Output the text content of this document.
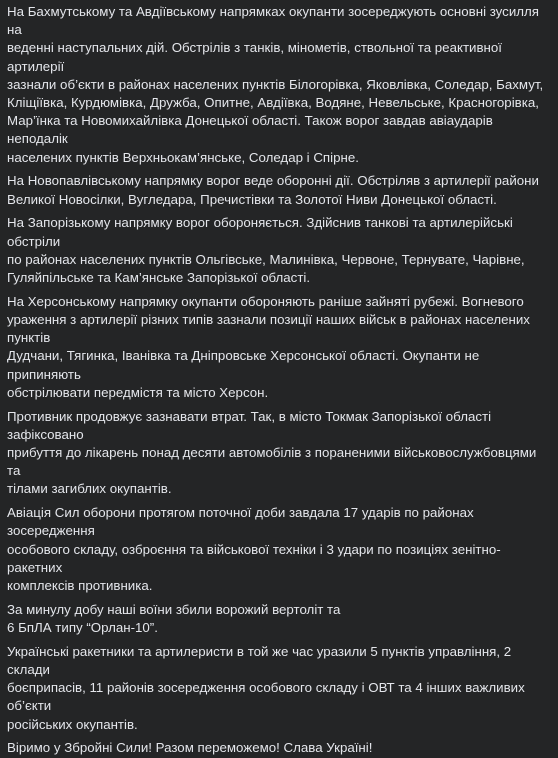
На Бахмутському та Авдіївському напрямках окупанти зосереджують основні зусилля на
веденні наступальних дій. Обстрілів з танків, мінометів, ствольної та реактивної артилерії
зазнали об’єкти в районах населених пунктів Білогорівка, Яковлівка, Соледар, Бахмут,
Кліщіївка, Курдюмівка, Дружба, Опитне, Авдіївка, Водяне, Невельське, Красногорівка,
Мар’їнка та Новомихайлівка Донецької області. Також ворог завдав авіаударів неподалік
населених пунктів Верхньокам’янське, Соледар і Спірне.

На Новопавлівському напрямку ворог веде оборонні дії. Обстріляв з артилерії райони
Великої Новосілки, Вугледара, Пречистівки та Золотої Ниви Донецької області.

На Запорізькому напрямку ворог обороняється. Здійснив танкові та артилерійські обстріли
по районах населених пунктів Ольгівське, Малинівка, Червоне, Тернувате, Чарівне,
Гуляйпільське та Кам’янське Запорізької області.

На Херсонському напрямку окупанти обороняють раніше зайняті рубежі. Вогневого
ураження з артилерії різних типів зазнали позиції наших військ в районах населених пунктів
Дудчани, Тягинка, Іванівка та Дніпровське Херсонської області. Окупанти не припиняють
обстрілювати передмістя та місто Херсон.

Противник продовжує зазнавати втрат. Так, в місто Токмак Запорізької області зафіксовано
прибуття до лікарень понад десяти автомобілів з пораненими військовослужбовцями та
тілами загиблих окупантів.

Авіація Сил оборони протягом поточної доби завдала 17 ударів по районах зосередження
особового складу, озброєння та військової техніки і 3 удари по позиціях зенітно-ракетних
комплексів противника.

За минулу добу наші воїни збили ворожий вертоліт та
6 БпЛА типу “Орлан-10”.

Українські ракетники та артилеристи в той же час уразили 5 пунктів управління, 2 склади
боєприпасів, 11 районів зосередження особового складу і ОВТ та 4 інших важливих об’єкти
російських окупантів.

Віримо у Збройні Сили! Разом переможемо! Слава Україні!
